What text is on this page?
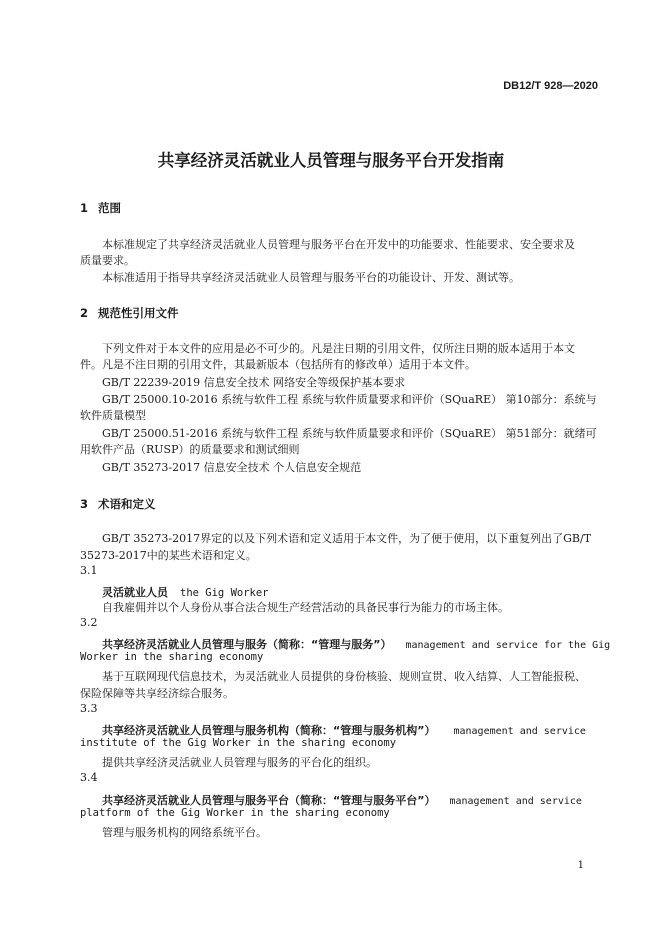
DB12/T 928—2020
共享经济灵活就业人员管理与服务平台开发指南
1 范围
本标准规定了共享经济灵活就业人员管理与服务平台在开发中的功能要求、性能要求、安全要求及
质量要求。
本标准适用于指导共享经济灵活就业人员管理与服务平台的功能设计、开发、测试等。
2 规范性引用文件
下列文件对于本文件的应用是必不可少的。凡是注日期的引用文件，仅所注日期的版本适用于本文
件。凡是不注日期的引用文件，其最新版本（包括所有的修改单）适用于本文件。
GB/T 22239-2019 信息安全技术 网络安全等级保护基本要求
GB/T 25000.10-2016 系统与软件工程 系统与软件质量要求和评价（SQuaRE） 第10部分：系统与
软件质量模型
GB/T 25000.51-2016 系统与软件工程 系统与软件质量要求和评价（SQuaRE） 第51部分：就绪可
用软件产品（RUSP）的质量要求和测试细则
GB/T 35273-2017 信息安全技术 个人信息安全规范
3 术语和定义
GB/T 35273-2017界定的以及下列术语和定义适用于本文件，为了便于使用，以下重复列出了GB/T
35273-2017中的某些术语和定义。
3.1
灵活就业人员 the Gig Worker
自我雇佣并以个人身份从事合法合规生产经营活动的具备民事行为能力的市场主体。
3.2
共享经济灵活就业人员管理与服务（简称：“管理与服务”） management and service for the Gig
Worker in the sharing economy
基于互联网现代信息技术，为灵活就业人员提供的身份核验、规则宣贯、收入结算、人工智能报税、
保险保障等共享经济综合服务。
3.3
共享经济灵活就业人员管理与服务机构（简称：“管理与服务机构”） management and service
institute of the Gig Worker in the sharing economy
提供共享经济灵活就业人员管理与服务的平台化的组织。
3.4
共享经济灵活就业人员管理与服务平台（简称：“管理与服务平台”） management and service
platform of the Gig Worker in the sharing economy
管理与服务机构的网络系统平台。
1
